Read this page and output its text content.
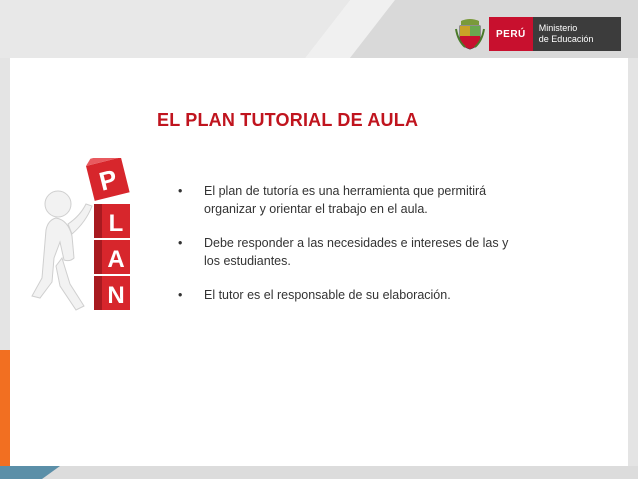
PERÚ
Ministerio
de Educación
EL PLAN TUTORIAL DE AULA
• El plan de tutoría es una herramienta que permitirá organizar y orientar el trabajo en el aula.
• Debe responder a las necesidades e intereses de las y los estudiantes.
• El tutor es el responsable de su elaboración.
P
L
A
N
